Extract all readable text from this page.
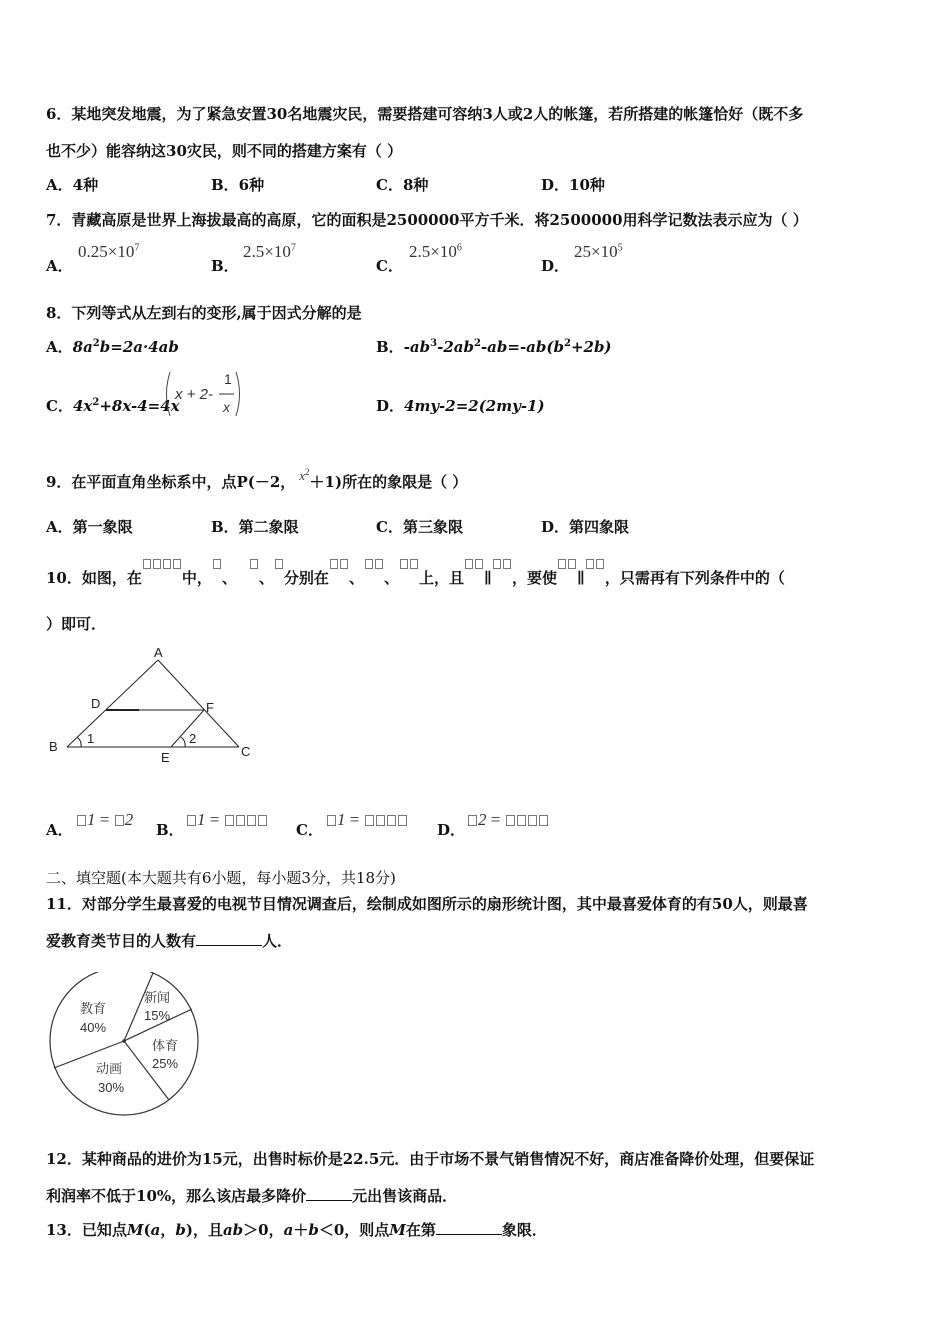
6．某地突发地震，为了紧急安置30名地震灾民，需要搭建可容纳3人或2人的帐篷，若所搭建的帐篷恰好（既不多
也不少）能容纳这30灾民，则不同的搭建方案有（ ）
A．4种	B．6种	C．8种	D．10种
7．青藏高原是世界上海拔最高的高原，它的面积是2500000平方千米．将2500000用科学记数法表示应为（ ）
A．
$0.25\times 10^7$
B．
$2.5\times 10^7$
C．
$2.5\times 10^6$
D．
$25\times 10^5$
8．下列等式从左到右的变形,属于因式分解的是
A．$8a^2b=2a\cdot 4ab$	B．$-ab^3-2ab^2-ab=-ab(b^2+2b)$
C．$4x^2+8x-4=4x$
x + 2-
1
x	D．4my-2=2(2my-1)
9．在平面直角坐标系中，点P(－2， $x^2+1$)所在的象限是（ ）
A．第一象限	B．第二象限	C．第三象限	D．第四象限
10．如图，在	中， 、 、 分别在 、 、 上，且 ∥ ，要使 ∥ ，只需再有下列条件中的（
）即可．
A
D	F
B
E	C
1	2
A．
1 = 2
B．
1 =
C．
1 =
D．
2 =
二、填空题(本大题共有6小题，每小题3分，共18分)
11．对部分学生最喜爱的电视节目情况调查后，绘制成如图所示的扇形统计图，其中最喜爱体育的有50人，则最喜
爱教育类节目的人数有	人．
教育
40%
新闻
15%
体育
25%
动画
30%
12．某种商品的进价为15元，出售时标价是22.5元．由于市场不景气销售情况不好，商店准备降价处理，但要保证
利润率不低于10%，那么该店最多降价	元出售该商品．
13．已知点M(a，b)，且ab＞0，a＋b＜0，则点M在第	象限．
